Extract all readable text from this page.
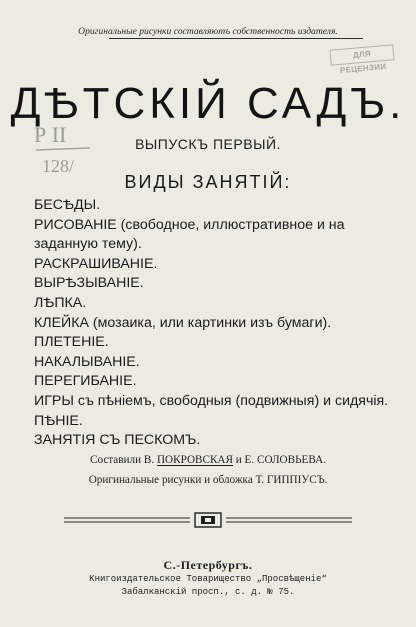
Оригинальные рисунки составляютъ собственность издателя.
ДЛЯ РЕЦЕНЗИИ
Р II
128/
ДѢТСКІЙ САДЪ.
ВЫПУСКЪ ПЕРВЫЙ.
ВИДЫ ЗАНЯТІЙ:
БЕСѢДЫ.
РИСОВАНІЕ (свободное, иллюстративное и на заданную тему).
РАСКРАШИВАНІЕ.
ВЫРѢЗЫВАНІЕ.
ЛѢПКА.
КЛЕЙКА (мозаика, или картинки изъ бумаги).
ПЛЕТЕНІЕ.
НАКАЛЫВАНІЕ.
ПЕРЕГИБАНІЕ.
ИГРЫ съ пѣніемъ, свободныя (подвижныя) и сидячія.
ПѢНІЕ.
ЗАНЯТІЯ СЪ ПЕСКОМЪ.
Составили В. ПОКРОВСКАЯ и Е. СОЛОВЬЕВА.
Оригинальные рисунки и обложка Т. ГИППІУСЪ.
С.-Петербургъ.
Книгоиздательское Товарищество „Просвѣщеніе“
Забалканскій просп., с. д. № 75.
